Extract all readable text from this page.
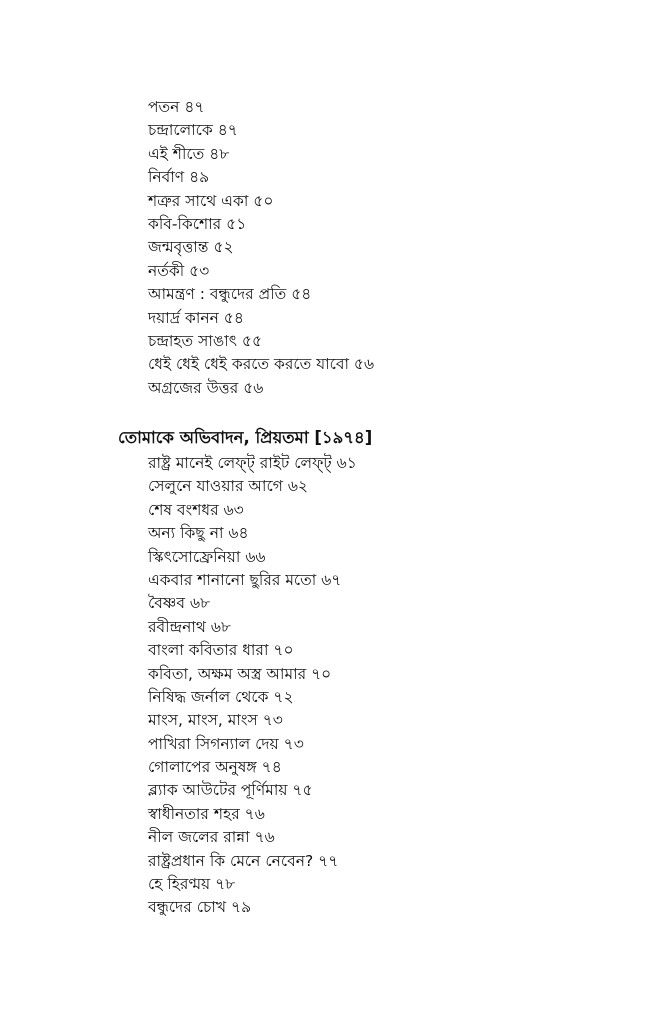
পতন ৪৭
চন্দ্রালোকে ৪৭
এই শীতে ৪৮
নির্বাণ ৪৯
শত্রুর সাথে একা ৫০
কবি-কিশোর ৫১
জন্মবৃত্তান্ত ৫২
নর্তকী ৫৩
আমন্ত্রণ : বন্ধুদের প্রতি ৫৪
দয়ার্দ্র কানন ৫৪
চন্দ্রাহত সাঙাৎ ৫৫
ধেই ধেই ধেই করতে করতে যাবো ৫৬
অগ্রজের উত্তর ৫৬
তোমাকে অভিবাদন, প্রিয়তমা [১৯৭৪]
রাষ্ট্র মানেই লেফ্‌ট্ রাইট লেফ্‌ট্ ৬১
সেলুনে যাওয়ার আগে ৬২
শেষ বংশধর ৬৩
অন্য কিছু না ৬৪
স্কিৎসোফ্রেনিয়া ৬৬
একবার শানানো ছুরির মতো ৬৭
বৈষ্ণব ৬৮
রবীন্দ্রনাথ ৬৮
বাংলা কবিতার ধারা ৭০
কবিতা, অক্ষম অস্ত্র আমার ৭০
নিষিদ্ধ জর্নাল থেকে ৭২
মাংস, মাংস, মাংস ৭৩
পাখিরা সিগন্যাল দেয় ৭৩
গোলাপের অনুষঙ্গ ৭৪
ব্ল্যাক আউটের পূর্ণিমায় ৭৫
স্বাধীনতার শহর ৭৬
নীল জলের রান্না ৭৬
রাষ্ট্রপ্রধান কি মেনে নেবেন? ৭৭
হে হিরণ্ময় ৭৮
বন্ধুদের চোখ ৭৯
